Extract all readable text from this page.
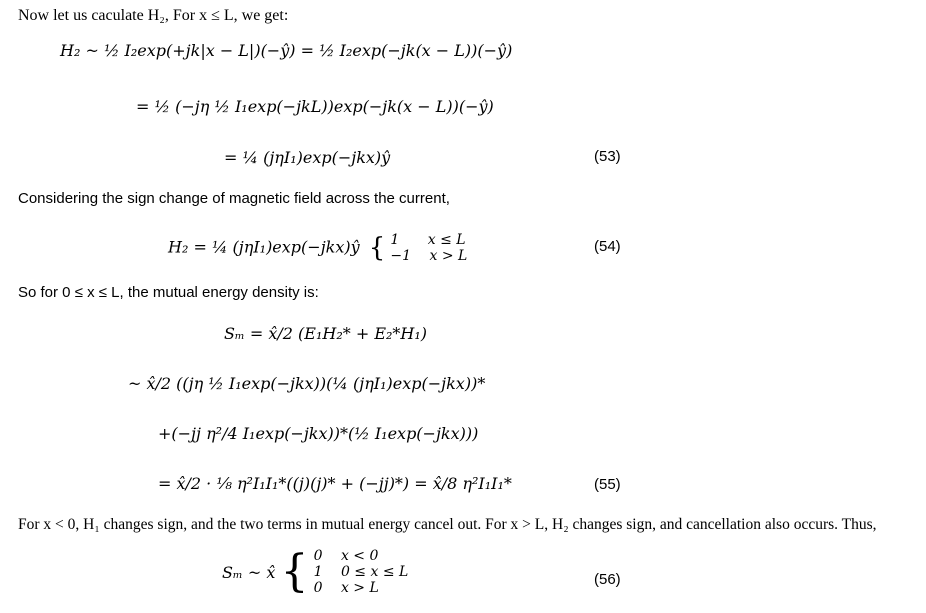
Now let us caculate H₂, For x ≤ L, we get:
H₂ ~ ½ I₂exp(+jk|x − L|)(−ŷ) = ½ I₂exp(−jk(x − L))(−ŷ)
= ½ (−jη ½ I₁exp(−jkL))exp(−jk(x − L))(−ŷ)
= ¼ (jηI₁)exp(−jkx)ŷ	(53)
Considering the sign change of magnetic field across the current,
H₂ = ¼ (jηI₁)exp(−jkx)ŷ { 1 x ≤ L
−1 x > L
(54)
So for 0 ≤ x ≤ L, the mutual energy density is:
Sₘ = x̂/2 (E₁H₂* + E₂*H₁)
~ x̂/2 ((jη ½ I₁exp(−jkx))(¼ (jηI₁)exp(−jkx))*
+(−jj η²/4 I₁exp(−jkx))*(½ I₁exp(−jkx)))
= x̂/2 · ⅛ η²I₁I₁*((j)(j)* + (−jj)*) = x̂/8 η²I₁I₁*	(55)
For x < 0, H₁ changes sign, and the two terms in mutual energy cancel out. For x > L, H₂ changes sign, and cancellation also occurs. Thus,
Sₘ ~ x̂ { 0 x < 0
1 0 ≤ x ≤ L
0 x > L	(56)
